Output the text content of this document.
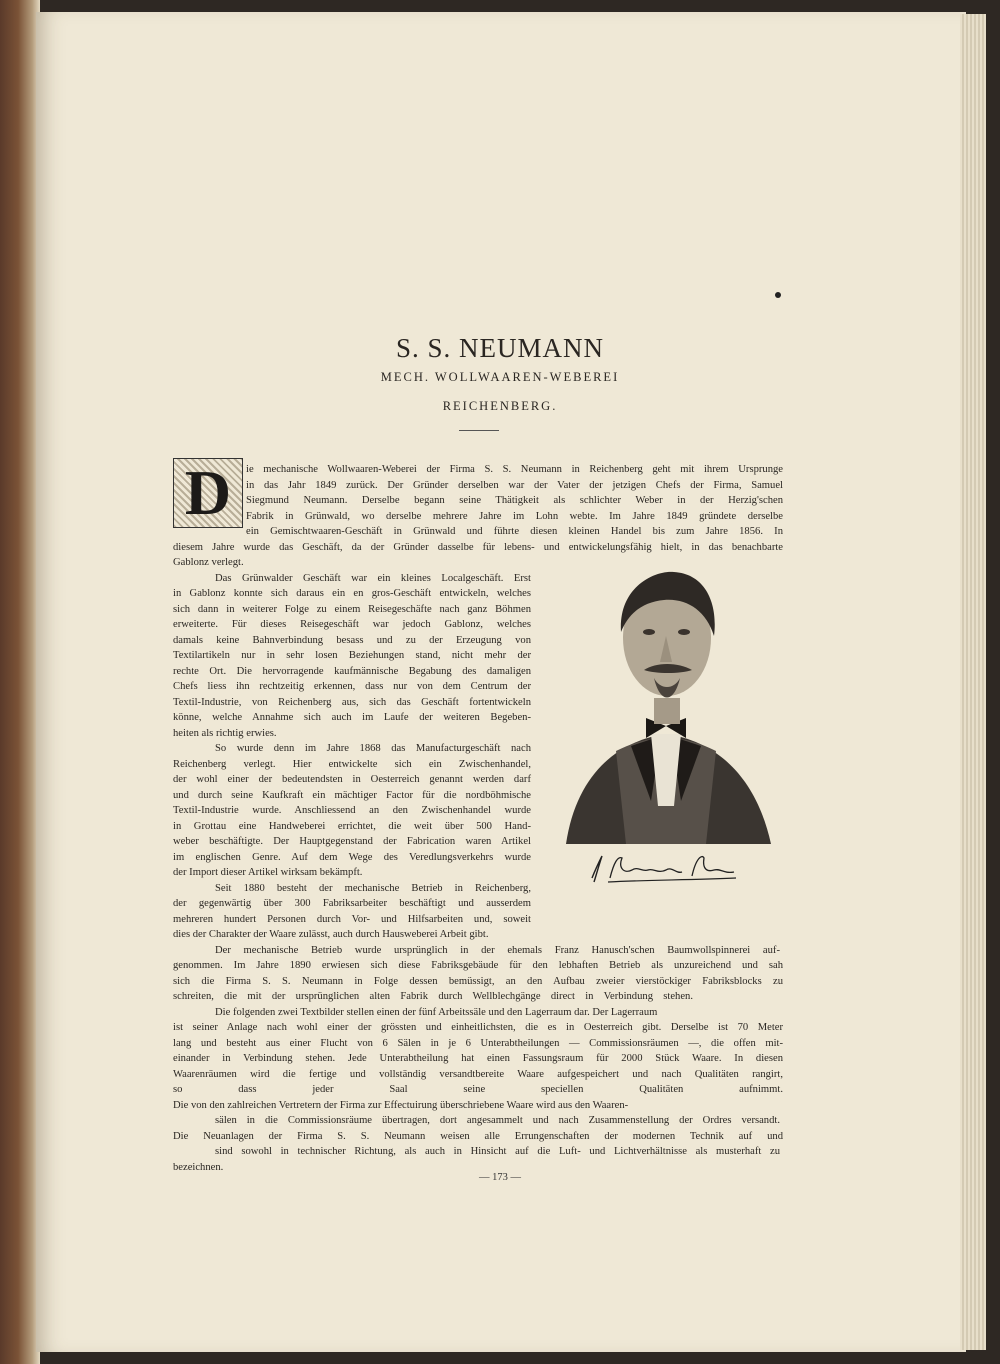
S. S. NEUMANN
MECH. WOLLWAAREN-WEBEREI
REICHENBERG.
D	ie mechanische Wollwaaren-Weberei der Firma S. S. Neumann in Reichenberg geht mit ihrem Ursprunge
in das Jahr 1849 zurück. Der Gründer derselben war der Vater der jetzigen Chefs der Firma, Samuel
Siegmund Neumann. Derselbe begann seine Thätigkeit als schlichter Weber in der Herzig'schen
Fabrik in Grünwald, wo derselbe mehrere Jahre im Lohn webte. Im Jahre 1849 gründete derselbe
ein Gemischtwaaren-Geschäft in Grünwald und führte diesen kleinen Handel bis zum Jahre 1856. In
diesem Jahre wurde das Geschäft, da der Gründer dasselbe für lebens- und entwickelungsfähig hielt, in das benachbarte
Gablonz verlegt.
Das Grünwalder Geschäft war ein kleines Localgeschäft. Erst
in Gablonz konnte sich daraus ein en gros-Geschäft entwickeln, welches
sich dann in weiterer Folge zu einem Reisegeschäfte nach ganz Böhmen
erweiterte. Für dieses Reisegeschäft war jedoch Gablonz, welches
damals keine Bahnverbindung besass und zu der Erzeugung von
Textilartikeln nur in sehr losen Beziehungen stand, nicht mehr der
rechte Ort. Die hervorragende kaufmännische Begabung des damaligen
Chefs liess ihn rechtzeitig erkennen, dass nur von dem Centrum der
Textil-Industrie, von Reichenberg aus, sich das Geschäft fortentwickeln
könne, welche Annahme sich auch im Laufe der weiteren Begeben-
heiten als richtig erwies.
So wurde denn im Jahre 1868 das Manufacturgeschäft nach
Reichenberg verlegt. Hier entwickelte sich ein Zwischenhandel,
der wohl einer der bedeutendsten in Oesterreich genannt werden darf
und durch seine Kaufkraft ein mächtiger Factor für die nordböhmische
Textil-Industrie wurde. Anschliessend an den Zwischenhandel wurde
in Grottau eine Handweberei errichtet, die weit über 500 Hand-
weber beschäftigte. Der Hauptgegenstand der Fabrication waren Artikel
im englischen Genre. Auf dem Wege des Veredlungsverkehrs wurde
der Import dieser Artikel wirksam bekämpft.
Seit 1880 besteht der mechanische Betrieb in Reichenberg,
der gegenwärtig über 300 Fabriksarbeiter beschäftigt und ausserdem
mehreren hundert Personen durch Vor- und Hilfsarbeiten und, soweit
dies der Charakter der Waare zulässt, auch durch Hausweberei Arbeit gibt.
Der mechanische Betrieb wurde ursprünglich in der ehemals Franz Hanusch'schen Baumwollspinnerei auf-
genommen. Im Jahre 1890 erwiesen sich diese Fabriksgebäude für den lebhaften Betrieb als unzureichend und sah
sich die Firma S. S. Neumann in Folge dessen bemüssigt, an den Aufbau zweier vierstöckiger Fabriksblocks zu
schreiten, die mit der ursprünglichen alten Fabrik durch Wellblechgänge direct in Verbindung stehen.
Die folgenden zwei Textbilder stellen einen der fünf Arbeitssäle und den Lagerraum dar. Der Lagerraum
ist seiner Anlage nach wohl einer der grössten und einheitlichsten, die es in Oesterreich gibt. Derselbe ist 70 Meter
lang und besteht aus einer Flucht von 6 Sälen in je 6 Unterabtheilungen — Commissionsräumen —, die offen mit-
einander in Verbindung stehen. Jede Unterabtheilung hat einen Fassungsraum für 2000 Stück Waare. In diesen
Waarenräumen wird die fertige und vollständig versandtbereite Waare aufgespeichert und nach Qualitäten rangirt,
so dass jeder Saal seine speciellen Qualitäten aufnimmt.
Die von den zahlreichen Vertretern der Firma zur Effectuirung überschriebene Waare wird aus den Waaren-
sälen in die Commissionsräume übertragen, dort angesammelt und nach Zusammenstellung der Ordres versandt.
Die Neuanlagen der Firma S. S. Neumann weisen alle Errungenschaften der modernen Technik auf und
sind sowohl in technischer Richtung, als auch in Hinsicht auf die Luft- und Lichtverhältnisse als musterhaft zu
bezeichnen.
— 173 —
